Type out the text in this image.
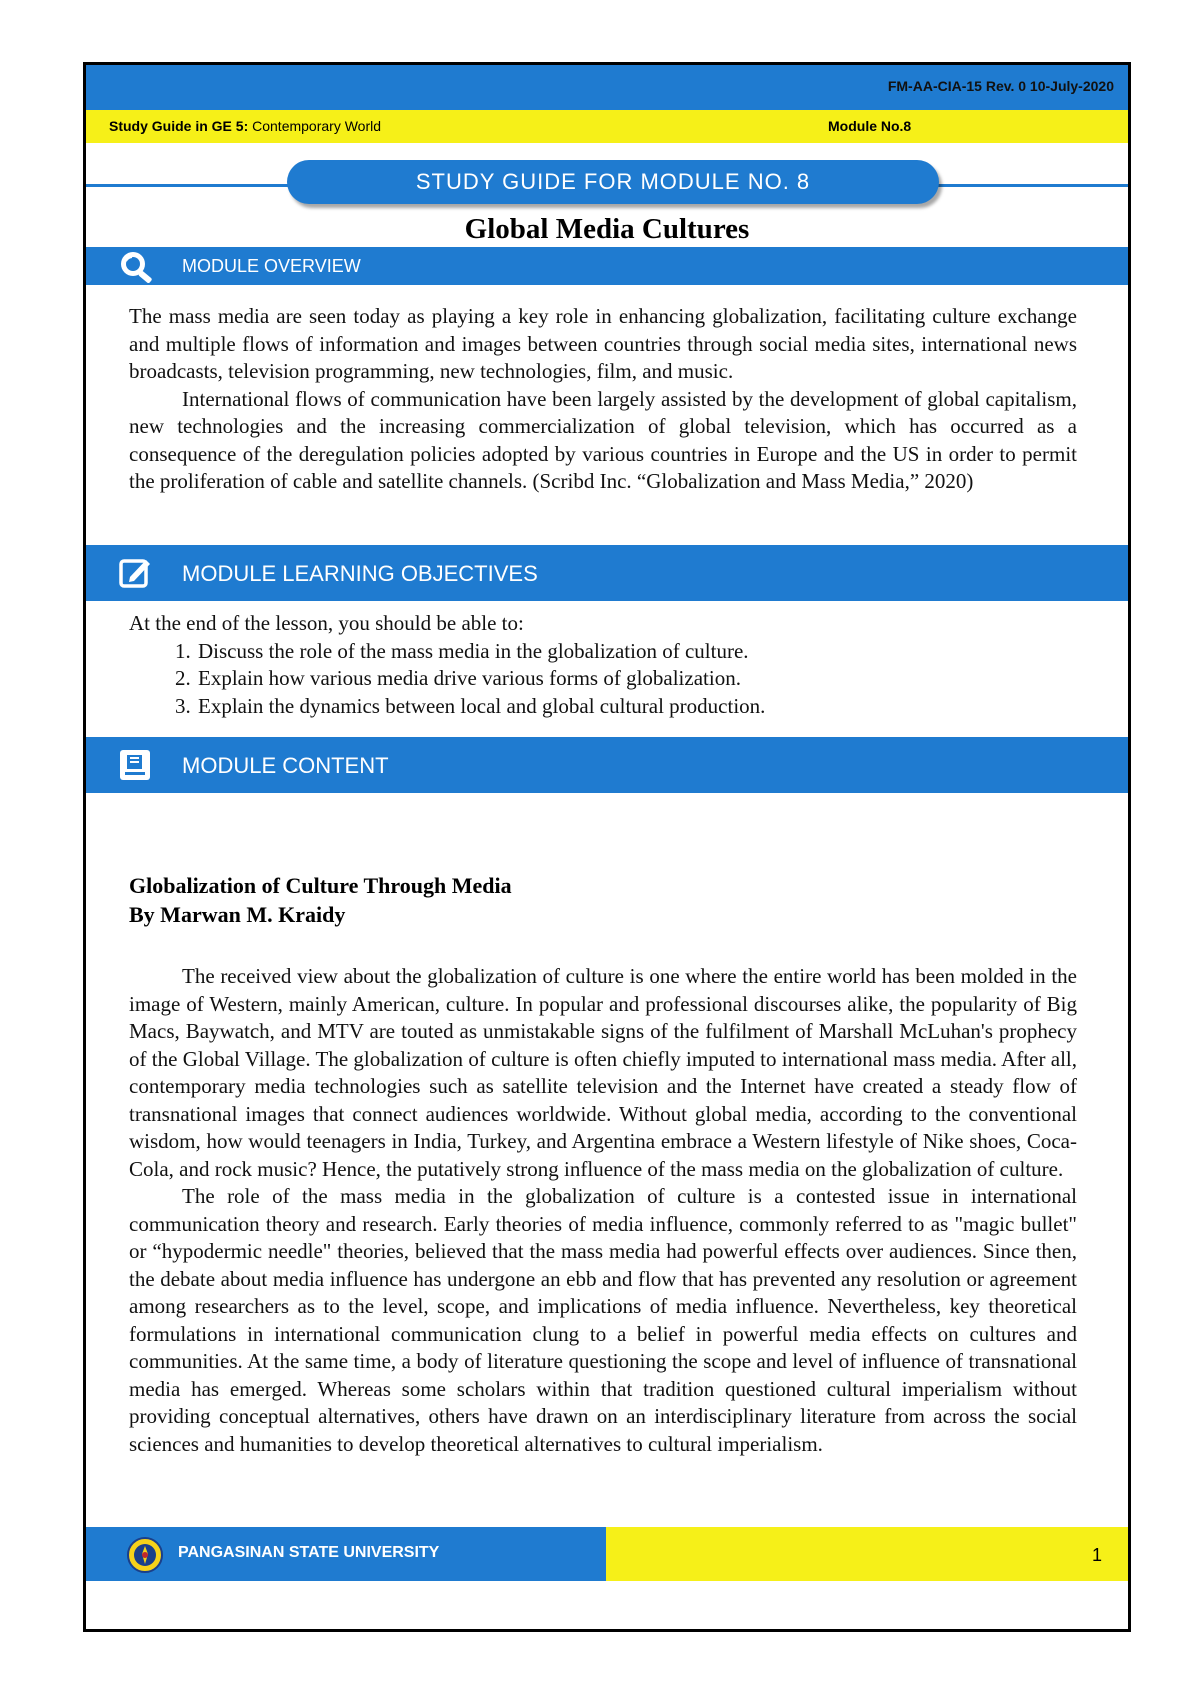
FM-AA-CIA-15 Rev. 0 10-July-2020
Study Guide in GE 5: Contemporary World	Module No.8
STUDY GUIDE FOR MODULE NO. 8
Global Media Cultures
MODULE OVERVIEW

The mass media are seen today as playing a key role in enhancing globalization, facilitating culture exchange and multiple flows of information and images between countries through social media sites, international news broadcasts, television programming, new technologies, film, and music.

International flows of communication have been largely assisted by the development of global capitalism, new technologies and the increasing commercialization of global television, which has occurred as a consequence of the deregulation policies adopted by various countries in Europe and the US in order to permit the proliferation of cable and satellite channels. (Scribd Inc. “Globalization and Mass Media,” 2020)

MODULE LEARNING OBJECTIVES

At the end of the lesson, you should be able to:

1. Discuss the role of the mass media in the globalization of culture.
2. Explain how various media drive various forms of globalization.
3. Explain the dynamics between local and global cultural production.
MODULE CONTENT
Globalization of Culture Through Media
By Marwan M. Kraidy

The received view about the globalization of culture is one where the entire world has been molded in the image of Western, mainly American, culture. In popular and professional discourses alike, the popularity of Big Macs, Baywatch, and MTV are touted as unmistakable signs of the fulfilment of Marshall McLuhan's prophecy of the Global Village. The globalization of culture is often chiefly imputed to international mass media. After all, contemporary media technologies such as satellite television and the Internet have created a steady flow of transnational images that connect audiences worldwide. Without global media, according to the conventional wisdom, how would teenagers in India, Turkey, and Argentina embrace a Western lifestyle of Nike shoes, Coca- Cola, and rock music? Hence, the putatively strong influence of the mass media on the globalization of culture.

The role of the mass media in the globalization of culture is a contested issue in international communication theory and research. Early theories of media influence, commonly referred to as "magic bullet" or “hypodermic needle" theories, believed that the mass media had powerful effects over audiences. Since then, the debate about media influence has undergone an ebb and flow that has prevented any resolution or agreement among researchers as to the level, scope, and implications of media influence. Nevertheless, key theoretical formulations in international communication clung to a belief in powerful media effects on cultures and communities. At the same time, a body of literature questioning the scope and level of influence of transnational media has emerged. Whereas some scholars within that tradition questioned cultural imperialism without providing conceptual alternatives, others have drawn on an interdisciplinary literature from across the social sciences and humanities to develop theoretical alternatives to cultural imperialism.

PANGASINAN STATE UNIVERSITY	1
